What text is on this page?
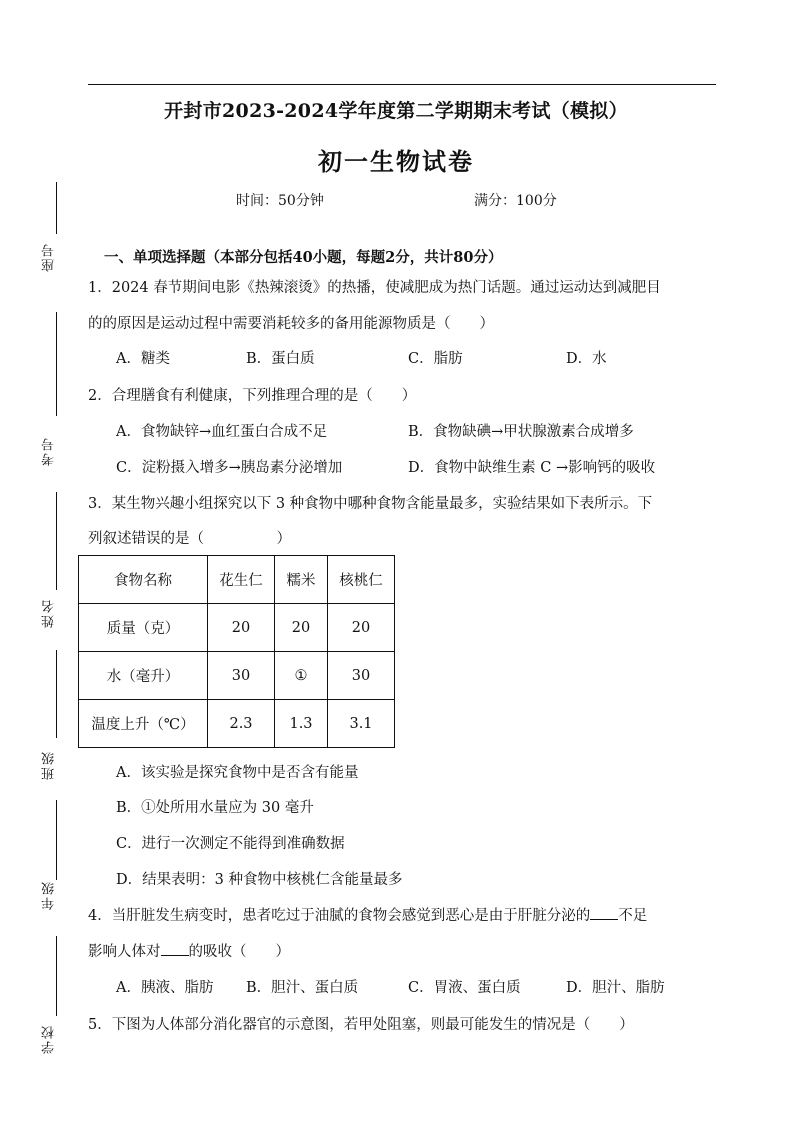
开封市2023-2024学年度第二学期期末考试（模拟）
初一生物试卷
时间：50分钟	满分：100分
座号
考号
姓名
班级
年级
学校
一、单项选择题（本部分包括40小题，每题2分，共计80分）
1．2024 春节期间电影《热辣滚烫》的热播，使减肥成为热门话题。通过运动达到减肥目
的的原因是运动过程中需要消耗较多的备用能源物质是（　　）
A．糖类	B．蛋白质	C．脂肪	D．水
2．合理膳食有利健康，下列推理合理的是（　　）
A．食物缺锌→血红蛋白合成不足	B．食物缺碘→甲状腺激素合成增多
C．淀粉摄入增多→胰岛素分泌增加	D．食物中缺维生素 C →影响钙的吸收
3．某生物兴趣小组探究以下 3 种食物中哪种食物含能量最多，实验结果如下表所示。下
列叙述错误的是（　　　　　）
食物名称	花生仁	糯米	核桃仁
质量（克）	20	20	20
水（毫升）	30	①	30
温度上升（℃）	2.3	1.3	3.1
A．该实验是探究食物中是否含有能量
B．①处所用水量应为 30 毫升
C．进行一次测定不能得到准确数据
D．结果表明：3 种食物中核桃仁含能量最多
4．当肝脏发生病变时，患者吃过于油腻的食物会感觉到恶心是由于肝脏分泌的 不足
影响人体对 的吸收（　　）
A．胰液、脂肪 B．胆汁、蛋白质	C．胃液、蛋白质	D．胆汁、脂肪
5．下图为人体部分消化器官的示意图，若甲处阻塞，则最可能发生的情况是（　　）
